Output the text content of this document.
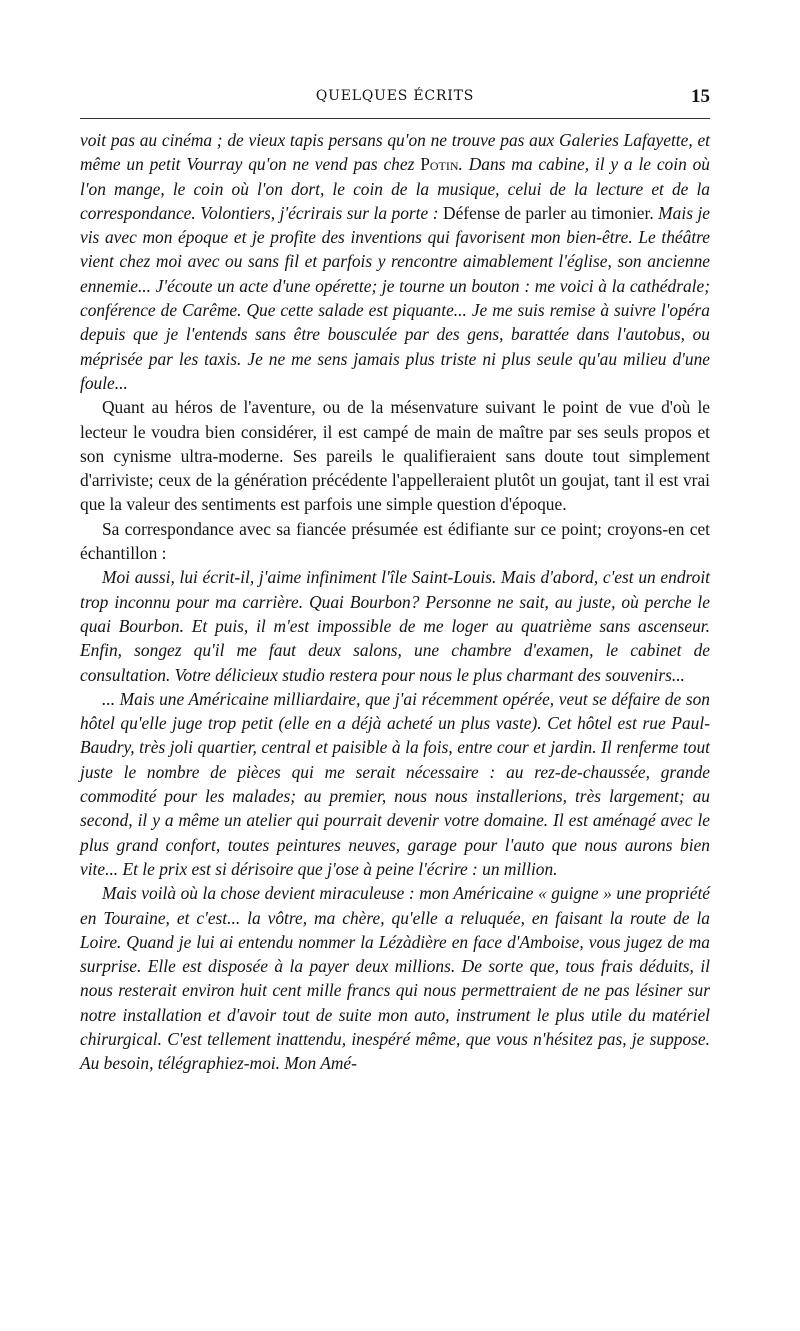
QUELQUES ÉCRITS	15

voit pas au cinéma ; de vieux tapis persans qu'on ne trouve pas aux Galeries Lafayette, et même un petit Vourray qu'on ne vend pas chez Potin. Dans ma cabine, il y a le coin où l'on mange, le coin où l'on dort, le coin de la musique, celui de la lecture et de la correspondance. Volontiers, j'écrirais sur la porte : Défense de parler au timonier. Mais je vis avec mon époque et je profite des inventions qui favorisent mon bien-être. Le théâtre vient chez moi avec ou sans fil et parfois y rencontre aimablement l'église, son ancienne ennemie... J'écoute un acte d'une opérette; je tourne un bouton : me voici à la cathédrale; conférence de Carême. Que cette salade est piquante... Je me suis remise à suivre l'opéra depuis que je l'entends sans être bousculée par des gens, barattée dans l'autobus, ou méprisée par les taxis. Je ne me sens jamais plus triste ni plus seule qu'au milieu d'une foule...

Quant au héros de l'aventure, ou de la mésenvature suivant le point de vue d'où le lecteur le voudra bien considérer, il est campé de main de maître par ses seuls propos et son cynisme ultra-moderne. Ses pareils le qualifieraient sans doute tout simplement d'arriviste; ceux de la génération précédente l'appelleraient plutôt un goujat, tant il est vrai que la valeur des sentiments est parfois une simple question d'époque.

Sa correspondance avec sa fiancée présumée est édifiante sur ce point; croyons-en cet échantillon :

Moi aussi, lui écrit-il, j'aime infiniment l'île Saint-Louis. Mais d'abord, c'est un endroit trop inconnu pour ma carrière. Quai Bourbon? Personne ne sait, au juste, où perche le quai Bourbon. Et puis, il m'est impossible de me loger au quatrième sans ascenseur. Enfin, songez qu'il me faut deux salons, une chambre d'examen, le cabinet de consultation. Votre délicieux studio restera pour nous le plus charmant des souvenirs...

... Mais une Américaine milliardaire, que j'ai récemment opérée, veut se défaire de son hôtel qu'elle juge trop petit (elle en a déjà acheté un plus vaste). Cet hôtel est rue Paul-Baudry, très joli quartier, central et paisible à la fois, entre cour et jardin. Il renferme tout juste le nombre de pièces qui me serait nécessaire : au rez-de-chaussée, grande commodité pour les malades; au premier, nous nous installerions, très largement; au second, il y a même un atelier qui pourrait devenir votre domaine. Il est aménagé avec le plus grand confort, toutes peintures neuves, garage pour l'auto que nous aurons bien vite... Et le prix est si dérisoire que j'ose à peine l'écrire : un million.

Mais voilà où la chose devient miraculeuse : mon Américaine « guigne » une propriété en Touraine, et c'est... la vôtre, ma chère, qu'elle a reluquée, en faisant la route de la Loire. Quand je lui ai entendu nommer la Lézàdière en face d'Amboise, vous jugez de ma surprise. Elle est disposée à la payer deux millions. De sorte que, tous frais déduits, il nous resterait environ huit cent mille francs qui nous permettraient de ne pas lésiner sur notre installation et d'avoir tout de suite mon auto, instrument le plus utile du matériel chirurgical. C'est tellement inattendu, inespéré même, que vous n'hésitez pas, je suppose. Au besoin, télégraphiez-moi. Mon Amé-
